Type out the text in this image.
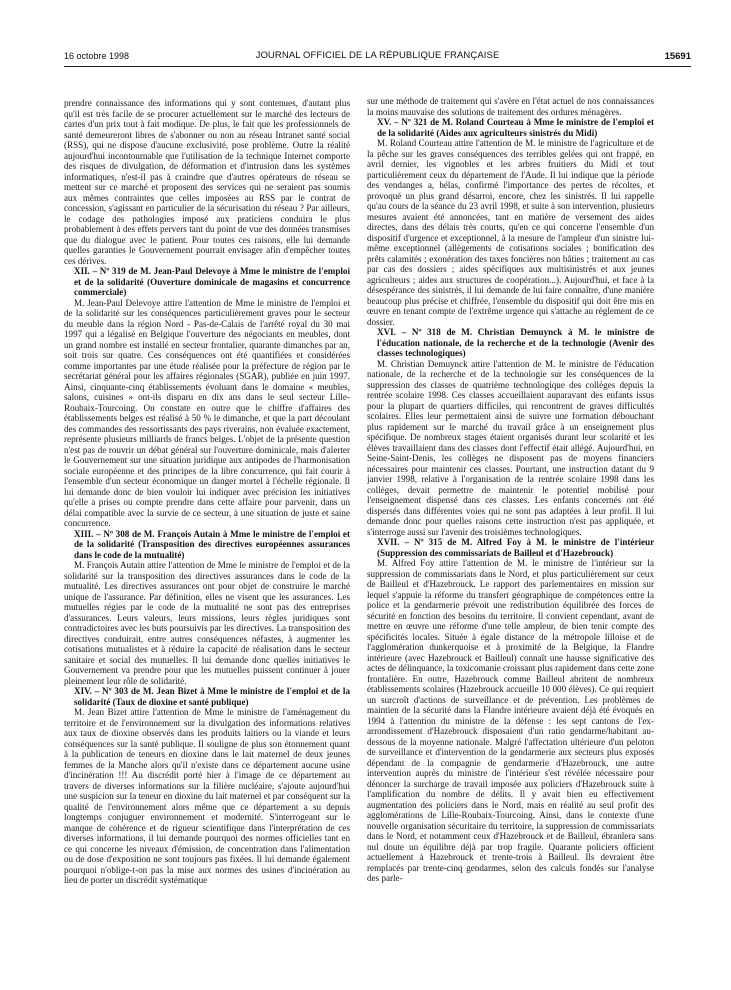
16 octobre 1998	JOURNAL OFFICIEL DE LA RÉPUBLIQUE FRANÇAISE	15691

prendre connaissance des informations qui y sont contenues, d'autant plus qu'il est très facile de se procurer actuellement sur le marché des lecteurs de cartes d'un prix tout à fait modique. De plus, le fait que les professionnels de santé demeureront libres de s'abonner ou non au réseau Intranet santé social (RSS), qui ne dispose d'aucune exclusivité, pose problème. Outre la réalité aujourd'hui incontournable que l'utilisation de la technique Internet comporte des risques de divulgation, de déformation et d'intrusion dans les systèmes informatiques, n'est-il pas à craindre que d'autres opérateurs de réseau se mettent sur ce marché et proposent des services qui ne seraient pas soumis aux mêmes contraintes que celles imposées au RSS par le contrat de concession, s'agissant en particulier de la sécurisation du réseau ? Par ailleurs, le codage des pathologies imposé aux praticiens conduira le plus probablement à des effets pervers tant du point de vue des données transmises que du dialogue avec le patient. Pour toutes ces raisons, elle lui demande quelles garanties le Gouvernement pourrait envisager afin d'empêcher toutes ces dérives.

XII. – Nº 319 de M. Jean-Paul Delevoye à Mme le ministre de l'emploi et de la solidarité (Ouverture dominicale de magasins et concurrence commerciale)

M. Jean-Paul Delevoye attire l'attention de Mme le ministre de l'emploi et de la solidarité sur les conséquences particulièrement graves pour le secteur du meuble dans la région Nord - Pas-de-Calais de l'arrêté royal du 30 mai 1997 qui a légalisé en Belgique l'ouverture des négociants en meubles, dont un grand nombre est installé en secteur frontalier, quarante dimanches par an, soit trois sur quatre. Ces conséquences ont été quantifiées et considérées comme importantes par une étude réalisée pour la préfecture de région par le secrétariat général pour les affaires régionales (SGAR), publiée en juin 1997. Ainsi, cinquante-cinq établissements évoluant dans le domaine « meubles, salons, cuisines » ont-ils disparu en dix ans dans le seul secteur Lille-Roubaix-Tourcoing. On constate en outre que le chiffre d'affaires des établissements belges est réalisé à 50 % le dimanche, et que la part découlant des commandes des ressortissants des pays riverains, non évaluée exactement, représente plusieurs milliards de francs belges. L'objet de la présente question n'est pas de rouvrir un débat général sur l'ouverture dominicale, mais d'alerter le Gouvernement sur une situation juridique aux antipodes de l'harmonisation sociale européenne et des principes de la libre concurrence, qui fait courir à l'ensemble d'un secteur économique un danger mortel à l'échelle régionale. Il lui demande donc de bien vouloir lui indiquer avec précision les initiatives qu'elle a prises ou compte prendre dans cette affaire pour parvenir, dans un délai compatible avec la survie de ce secteur, à une situation de juste et saine concurrence.

XIII. – Nº 308 de M. François Autain à Mme le ministre de l'emploi et de la solidarité (Transposition des directives européennes assurances dans le code de la mutualité)

M. François Autain attire l'attention de Mme le ministre de l'emploi et de la solidarité sur la transposition des directives assurances dans le code de la mutualité. Les directives assurances ont pour objet de construire le marché unique de l'assurance. Par définition, elles ne visent que les assurances. Les mutuelles régies par le code de la mutualité ne sont pas des entreprises d'assurances. Leurs valeurs, leurs missions, leurs règles juridiques sont contradictoires avec les buts poursuivis par les directives. La transposition des directives conduirait, entre autres conséquences néfastes, à augmenter les cotisations mutualistes et à réduire la capacité de réalisation dans le secteur sanitaire et social des mutuelles. Il lui demande donc quelles initiatives le Gouvernement va prendre pour que les mutuelles puissent continuer à jouer pleinement leur rôle de solidarité.

XIV. – Nº 303 de M. Jean Bizet à Mme le ministre de l'emploi et de la solidarité (Taux de dioxine et santé publique)

M. Jean Bizet attire l'attention de Mme le ministre de l'aménagement du territoire et de l'environnement sur la divulgation des informations relatives aux taux de dioxine observés dans les produits laitiers ou la viande et leurs conséquences sur la santé publique. Il souligne de plus son étonnement quant à la publication de teneurs en dioxine dans le lait maternel de deux jeunes femmes de la Manche alors qu'il n'existe dans ce département aucune usine d'incinération !!! Au discrédit porté hier à l'image de ce département au travers de diverses informations sur la filière nucléaire, s'ajoute aujourd'hui une suspicion sur la teneur en dioxine du lait maternel et par conséquent sur la qualité de l'environnement alors même que ce département a su depuis longtemps conjuguer environnement et modernité. S'interrogeant sur le manque de cohérence et de rigueur scientifique dans l'interprétation de ces diverses informations, il lui demande pourquoi des normes officielles tant en ce qui concerne les niveaux d'émission, de concentration dans l'alimentation ou de dose d'exposition ne sont toujours pas fixées. Il lui demande également pourquoi n'oblige-t-on pas la mise aux normes des usines d'incinération au lieu de porter un discrédit systématique

sur une méthode de traitement qui s'avère en l'état actuel de nos connaissances la moins mauvaise des solutions de traitement des ordures ménagères.

XV. – Nº 321 de M. Roland Courteau à Mme le ministre de l'emploi et de la solidarité (Aides aux agriculteurs sinistrés du Midi)

M. Roland Courteau attire l'attention de M. le ministre de l'agriculture et de la pêche sur les graves conséquences des terribles gelées qui ont frappé, en avril dernier, les vignobles et les arbres fruitiers du Midi et tout particulièrement ceux du département de l'Aude. Il lui indique que la période des vendanges a, hélas, confirmé l'importance des pertes de récoltes, et provoqué un plus grand désarroi, encore, chez les sinistrés. Il lui rappelle qu'au cours de la séance du 23 avril 1998, et suite à son intervention, plusieurs mesures avaient été annoncées, tant en matière de versement des aides directes, dans des délais très courts, qu'en ce qui concerne l'ensemble d'un dispositif d'urgence et exceptionnel, à la mesure de l'ampleur d'un sinistre lui-même exceptionnel (allègements de cotisations sociales ; bonification des prêts calamités ; exonération des taxes foncières non bâties ; traitement au cas par cas des dossiers ; aides spécifiques aux multisinistrés et aux jeunes agriculteurs ; aides aux structures de coopération...). Aujourd'hui, et face à la désespérance des sinistrés, il lui demande de lui faire connaître, d'une manière beaucoup plus précise et chiffrée, l'ensemble du dispositif qui doit être mis en œuvre en tenant compte de l'extrême urgence qui s'attache au règlement de ce dossier.

XVI. – Nº 318 de M. Christian Demuynck à M. le ministre de l'éducation nationale, de la recherche et de la technologie (Avenir des classes technologiques)

M. Christian Demuynck attire l'attention de M. le ministre de l'éducation nationale, de la recherche et de la technologie sur les conséquences de la suppression des classes de quatrième technologique des collèges depuis la rentrée scolaire 1998. Ces classes accueillaient auparavant des enfants issus pour la plupart de quartiers difficiles, qui rencontrent de graves difficultés scolaires. Elles leur permettaient ainsi de suivre une formation débouchant plus rapidement sur le marché du travail grâce à un enseignement plus spécifique. De nombreux stages étaient organisés durant leur scolarité et les élèves travaillaient dans des classes dont l'effectif était allégé. Aujourd'hui, en Seine-Saint-Denis, les collèges ne disposent pas de moyens financiers nécessaires pour maintenir ces classes. Pourtant, une instruction datant du 9 janvier 1998, relative à l'organisation de la rentrée scolaire 1998 dans les collèges, devait permettre de maintenir le potentiel mobilisé pour l'enseignement dispensé dans ces classes. Les enfants concernés ont été dispersés dans différentes voies qui ne sont pas adaptées à leur profil. Il lui demande donc pour quelles raisons cette instruction n'est pas appliquée, et s'interroge aussi sur l'avenir des troisièmes technologiques.

XVII. – Nº 315 de M. Alfred Foy à M. le ministre de l'intérieur (Suppression des commissariats de Bailleul et d'Hazebrouck)

M. Alfred Foy attire l'attention de M. le ministre de l'intérieur sur la suppression de commissariats dans le Nord, et plus particulièrement sur ceux de Bailleul et d'Hazebrouck. Le rapport des parlementaires en mission sur lequel s'appuie la réforme du transfert géographique de compétences entre la police et la gendarmerie prévoit une redistribution équilibrée des forces de sécurité en fonction des besoins du territoire. Il convient cependant, avant de mettre en œuvre une réforme d'une telle ampleur, de bien tenir compte des spécificités locales. Située à égale distance de la métropole lilloise et de l'agglomération dunkerquoise et à proximité de la Belgique, la Flandre intérieure (avec Hazebrouck et Bailleul) connaît une hausse significative des actes de délinquance, la toxicomanie croissant plus rapidement dans cette zone frontalière. En outre, Hazebrouck comme Bailleul abritent de nombreux établissements scolaires (Hazebrouck accueille 10 000 élèves). Ce qui requiert un surcroît d'actions de surveillance et de prévention. Les problèmes de maintien de la sécurité dans la Flandre intérieure avaient déjà été évoqués en 1994 à l'attention du ministre de la défense : les sept cantons de l'ex-arrondissement d'Hazebrouck disposaient d'un ratio gendarme/habitant au-dessous de la moyenne nationale. Malgré l'affectation ultérieure d'un peloton de surveillance et d'intervention de la gendarmerie aux secteurs plus exposés dépendant de la compagnie de gendarmerie d'Hazebrouck, une autre intervention auprès du ministre de l'intérieur s'est révélée nécessaire pour dénoncer la surcharge de travail imposée aux policiers d'Hazebrouck suite à l'amplification du nombre de délits. Il y avait bien eu effectivement augmentation des policiers dans le Nord, mais en réalité au seul profit des agglomérations de Lille-Roubaix-Tourcoing. Ainsi, dans le contexte d'une nouvelle organisation sécuritaire du territoire, la suppression de commissariats dans le Nord, et notamment ceux d'Hazebrouck et de Bailleul, ébranlera sans nul doute un équilibre déjà par trop fragile. Quarante policiers officient actuellement à Hazebrouck et trente-trois à Bailleul. Ils devraient être remplacés par trente-cinq gendarmes, selon des calculs fondés sur l'analyse des parle-
